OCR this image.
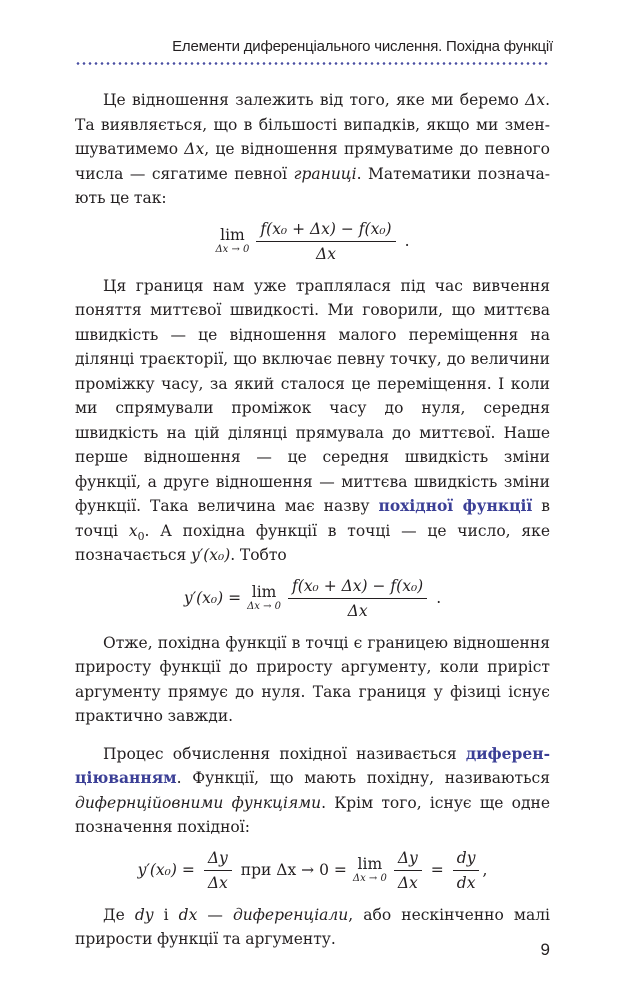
Елементи диференціального числення. Похідна функції

Це відношення залежить від того, яке ми беремо Δx. Та виявляється, що в більшості випадків, якщо ми зменшуватимемо Δx, це відношення прямуватиме до певного числа — сягатиме певної границі. Математики позначають це так:

lim
$\Delta x \to 0 \frac{\text{f(x₀ + Δx) − f(x₀)}}{\Delta x}$ .

Ця границя нам уже траплялася під час вивчення поняття миттєвої швидкості. Ми говорили, що миттєва швидкість — це відношення малого переміщення на ділянці траєкторії, що включає певну точку, до величини проміжку часу, за який сталося це переміщення. І коли ми спрямували проміжок часу до нуля, середня швидкість на цій ділянці прямувала до миттєвої. Наше перше відношення — це середня швидкість зміни функції, а друге відношення — миттєва швидкість зміни функції. Така величина має назву похідної функції в точці $x_0$. А похідна функції в точці — це число, яке позначається y′(x₀). Тобто

y′(x₀) = lim
$\Delta x \to 0 \frac{\text{f(x₀ + Δx) − f(x₀)}}{\Delta x}$ .

Отже, похідна функції в точці є границею відношення приросту функції до приросту аргументу, коли приріст аргументу прямує до нуля. Така границя у фізиці існує практично завжди.

Процес обчислення похідної називається диференціюванням. Функції, що мають похідну, називаються дифернційовними функціями. Крім того, існує ще одне позначення похідної:

$y'(x_0) = \frac{\Delta y}{\Delta x}$ при Δx → 0 = lim
$\Delta x \to 0 \frac{\Delta y}{\Delta x} = \frac{dy}{dx}$ ,

Де dy і dx — диференціали, або нескінченно малі прирости функції та аргументу.

9
